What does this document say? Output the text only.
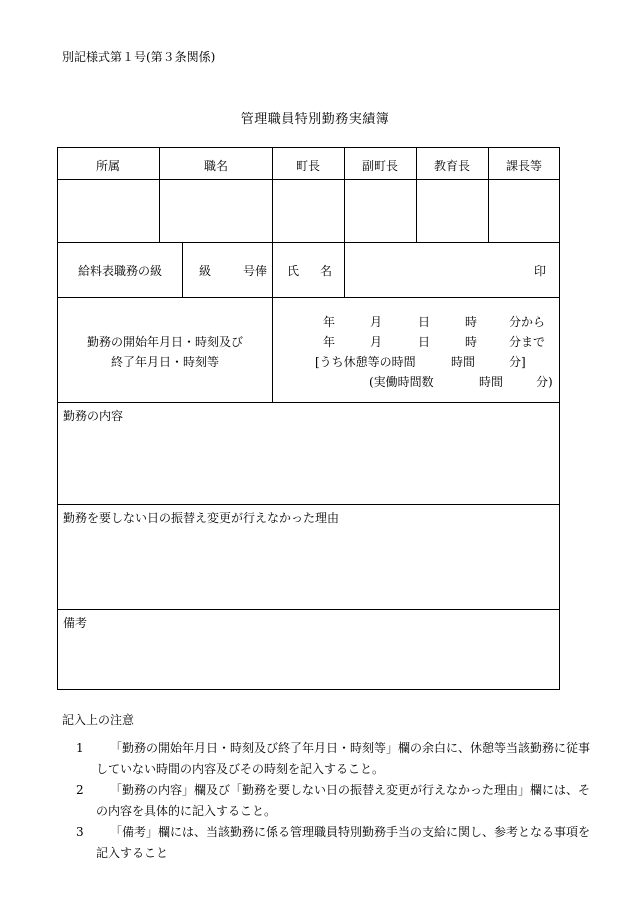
別記様式第１号(第３条関係)
管理職員特別勤務実績簿
所属	職名	町長	副町長	教育長	課長等
給料表職務の級	級	号俸 氏 名	印
勤務の開始年月日・時刻及び
終了年月日・時刻等
年	月	日	時	分から
年	月	日	時	分まで
[うち休憩等の時間	時間	分]
(実働時間数	時間	分)
勤務の内容
勤務を要しない日の振替え変更が行えなかった理由
備考
記入上の注意
1	「勤務の開始年月日・時刻及び終了年月日・時刻等」欄の余白に、休憩等当該勤務に従事していない時間の内容及びその時刻を記入すること。
2	「勤務の内容」欄及び「勤務を要しない日の振替え変更が行えなかった理由」欄には、その内容を具体的に記入すること。
3	「備考」欄には、当該勤務に係る管理職員特別勤務手当の支給に関し、参考となる事項を記入すること
